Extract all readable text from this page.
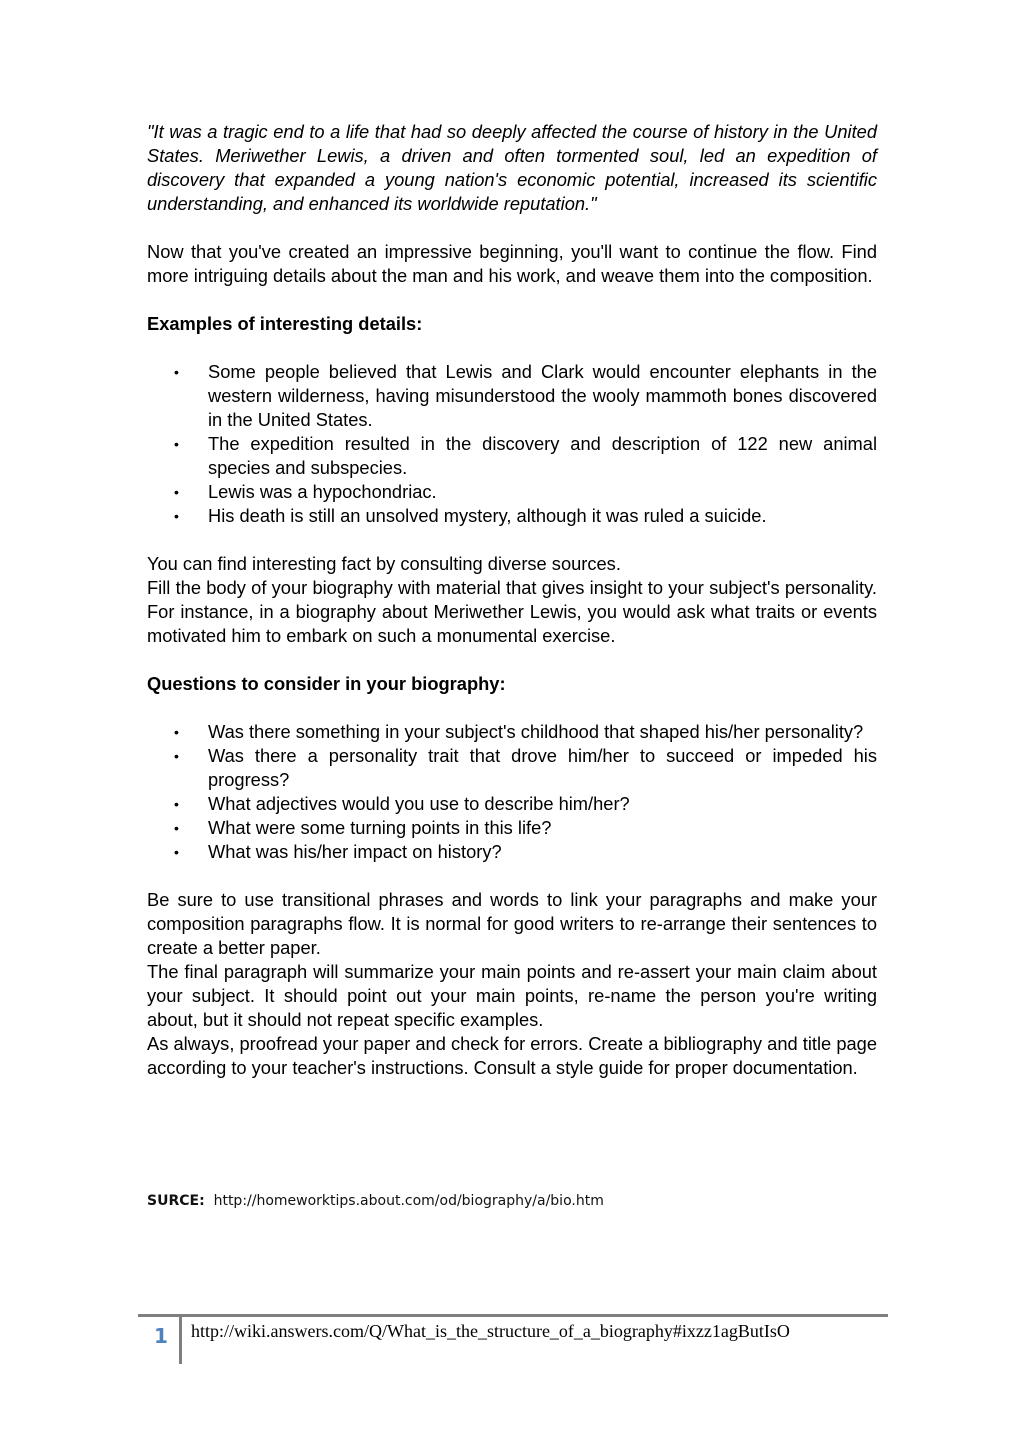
"It was a tragic end to a life that had so deeply affected the course of history in the United States. Meriwether Lewis, a driven and often tormented soul, led an expedition of discovery that expanded a young nation's economic potential, increased its scientific understanding, and enhanced its worldwide reputation."

Now that you've created an impressive beginning, you'll want to continue the flow. Find more intriguing details about the man and his work, and weave them into the composition.

Examples of interesting details:

• Some people believed that Lewis and Clark would encounter elephants in the western wilderness, having misunderstood the wooly mammoth bones discovered in the United States.
• The expedition resulted in the discovery and description of 122 new animal species and subspecies.
• Lewis was a hypochondriac.
• His death is still an unsolved mystery, although it was ruled a suicide.

You can find interesting fact by consulting diverse sources.

Fill the body of your biography with material that gives insight to your subject's personality. For instance, in a biography about Meriwether Lewis, you would ask what traits or events motivated him to embark on such a monumental exercise.

Questions to consider in your biography:

• Was there something in your subject's childhood that shaped his/her personality?
• Was there a personality trait that drove him/her to succeed or impeded his progress?
• What adjectives would you use to describe him/her?
• What were some turning points in this life?
• What was his/her impact on history?

Be sure to use transitional phrases and words to link your paragraphs and make your composition paragraphs flow. It is normal for good writers to re-arrange their sentences to create a better paper.

The final paragraph will summarize your main points and re-assert your main claim about your subject. It should point out your main points, re-name the person you're writing about, but it should not repeat specific examples.

As always, proofread your paper and check for errors. Create a bibliography and title page according to your teacher's instructions. Consult a style guide for proper documentation.

SURCE: http://homeworktips.about.com/od/biography/a/bio.htm
1 http://wiki.answers.com/Q/What_is_the_structure_of_a_biography#ixzz1agButIsO
